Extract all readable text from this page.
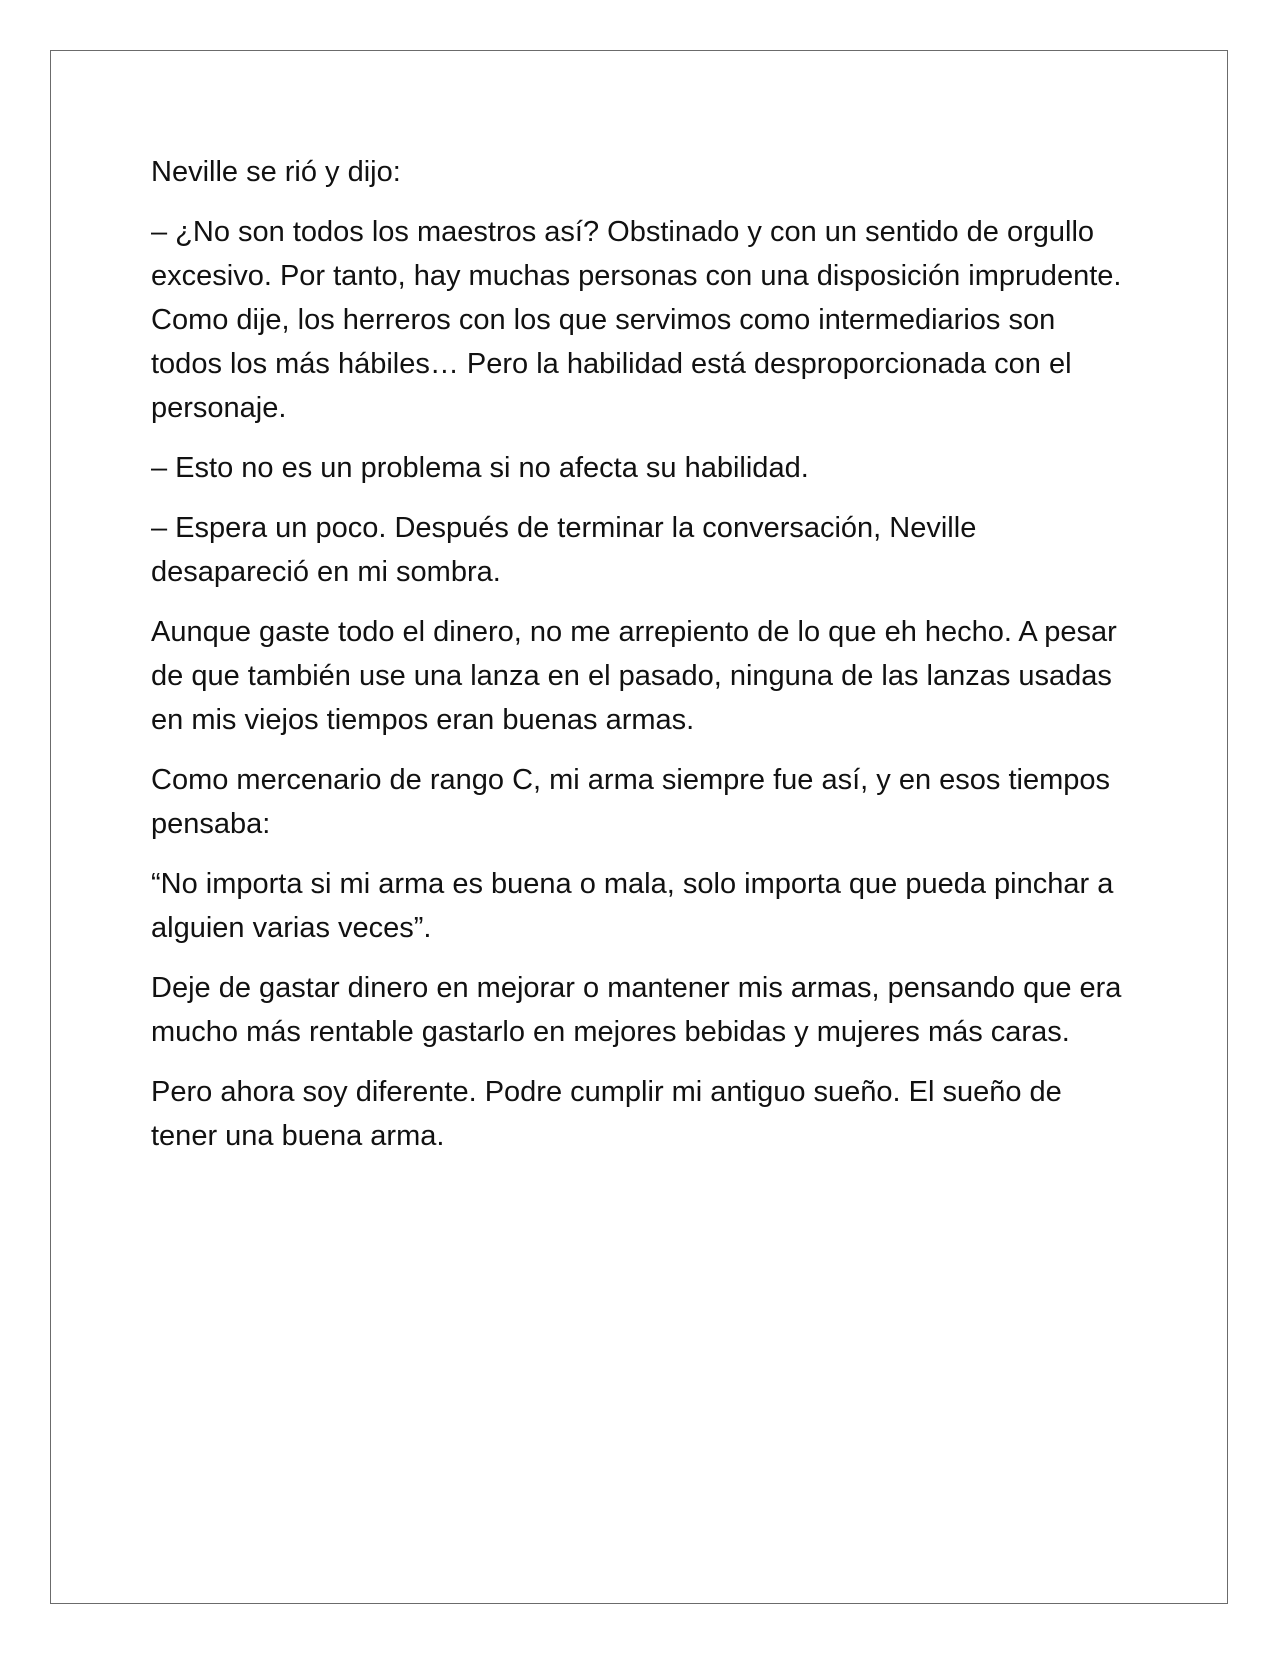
Neville se rió y dijo:

– ¿No son todos los maestros así? Obstinado y con un sentido de orgullo excesivo. Por tanto, hay muchas personas con una disposición imprudente. Como dije, los herreros con los que servimos como intermediarios son todos los más hábiles… Pero la habilidad está desproporcionada con el personaje.

– Esto no es un problema si no afecta su habilidad.

– Espera un poco. Después de terminar la conversación, Neville desapareció en mi sombra.

Aunque gaste todo el dinero, no me arrepiento de lo que eh hecho. A pesar de que también use una lanza en el pasado, ninguna de las lanzas usadas en mis viejos tiempos eran buenas armas.

Como mercenario de rango C, mi arma siempre fue así, y en esos tiempos pensaba:

“No importa si mi arma es buena o mala, solo importa que pueda pinchar a alguien varias veces”.

Deje de gastar dinero en mejorar o mantener mis armas, pensando que era mucho más rentable gastarlo en mejores bebidas y mujeres más caras.

Pero ahora soy diferente. Podre cumplir mi antiguo sueño. El sueño de tener una buena arma.
